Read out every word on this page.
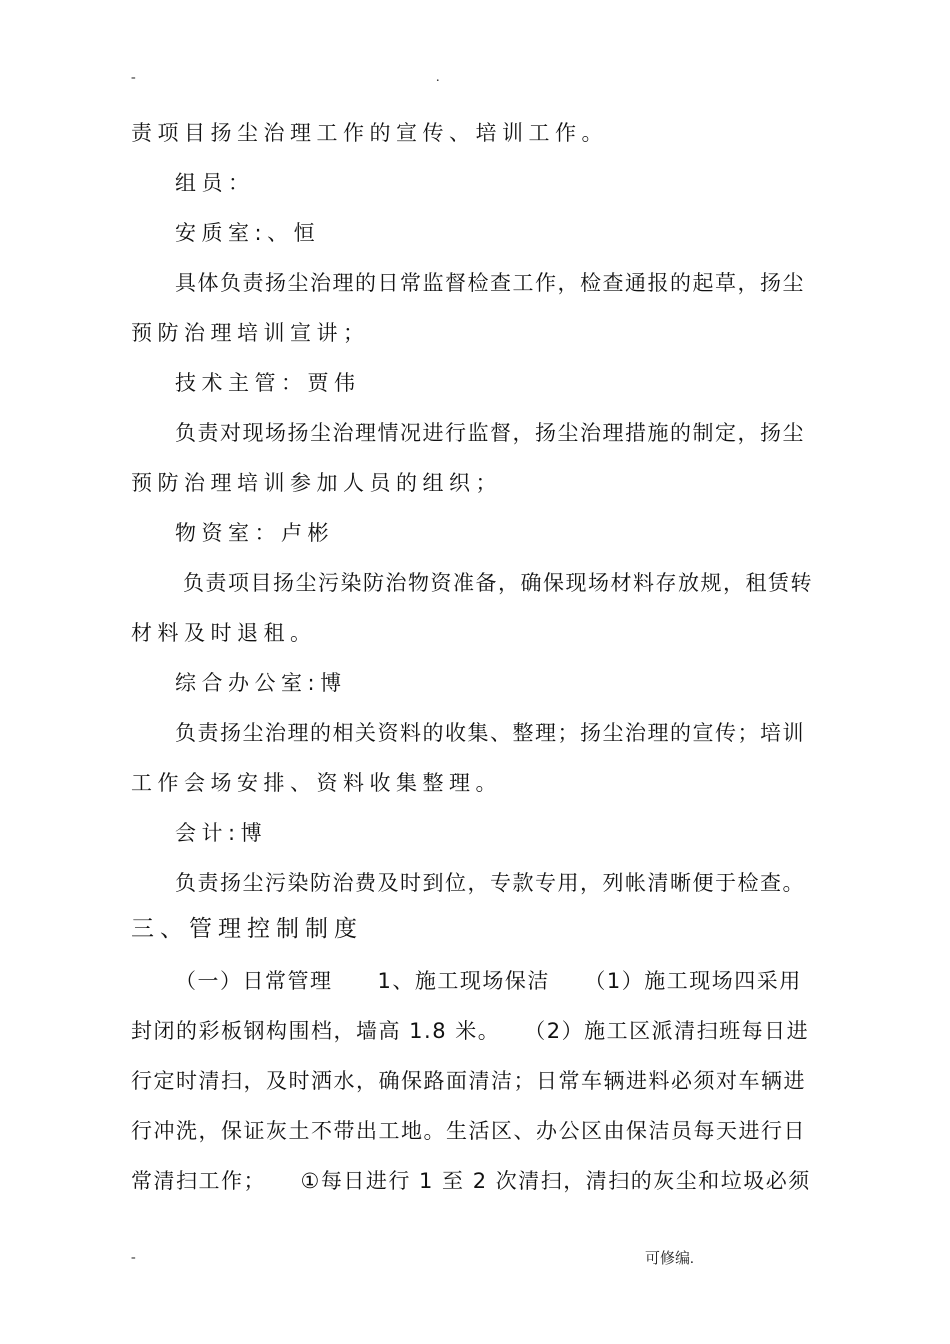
-	.

责项目扬尘治理工作的宣传、培训工作。

组员：

安质室:、恒

具体负责扬尘治理的日常监督检查工作，检查通报的起草，扬尘

预防治理培训宣讲；

技术主管：贾伟

负责对现场扬尘治理情况进行监督，扬尘治理措施的制定，扬尘

预防治理培训参加人员的组织；

物资室：卢彬

负责项目扬尘污染防治物资准备，确保现场材料存放规，租赁转

材料及时退租。

综合办公室:博

负责扬尘治理的相关资料的收集、整理；扬尘治理的宣传；培训

工作会场安排、资料收集整理。

会计:博

负责扬尘污染防治费及时到位，专款专用，列帐清晰便于检查。

三、管理控制制度

（一）日常管理　　1、施工现场保洁　　（1）施工现场四采用

封闭的彩板钢构围档，墙高 1.8 米。　　（2）施工区派清扫班每日进

行定时清扫，及时洒水，确保路面清洁；日常车辆进料必须对车辆进

行冲洗，保证灰土不带出工地。生活区、办公区由保洁员每天进行日

常清扫工作；　　①每日进行 1 至 2 次清扫，清扫的灰尘和垃圾必须

-	可修编.
